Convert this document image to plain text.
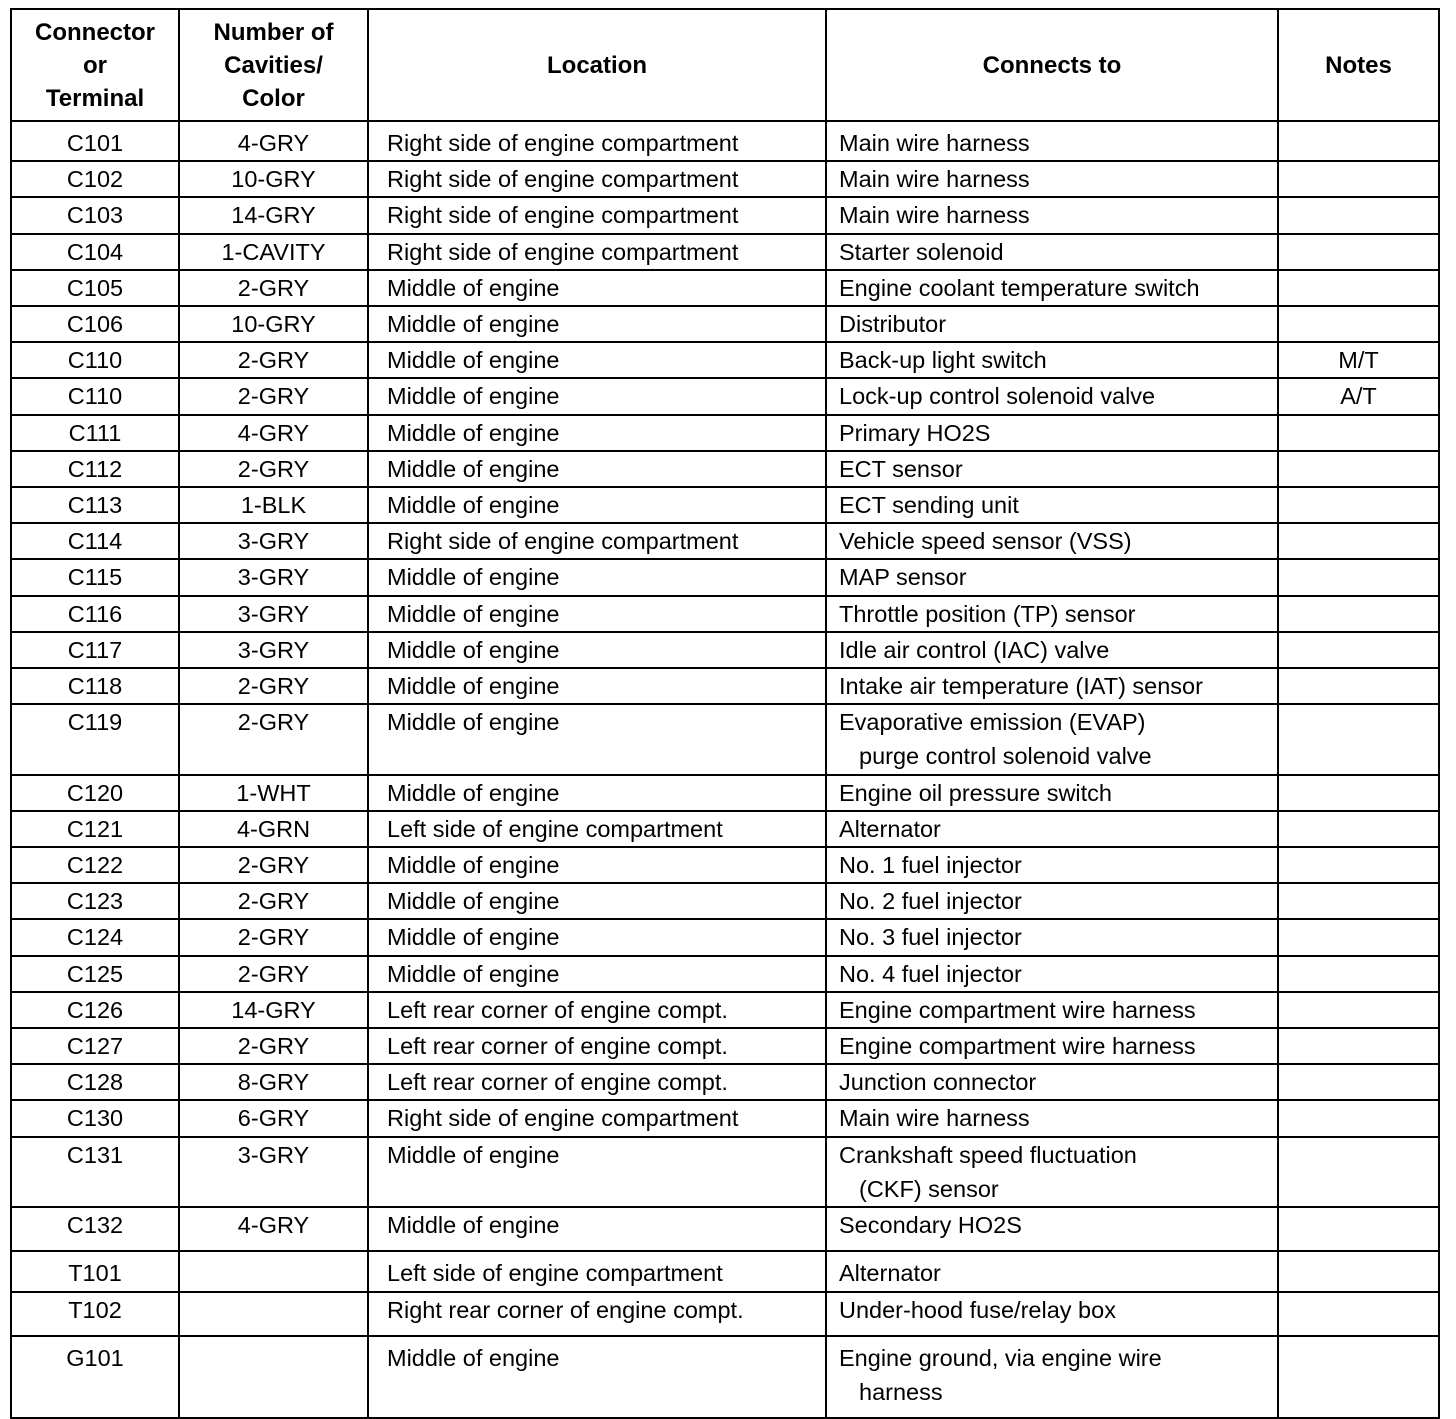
Connector
or
Terminal	Number of
Cavities/
Color	Location	Connects to	Notes
C101	4-GRY	Right side of engine compartment	Main wire harness	
C102	10-GRY	Right side of engine compartment	Main wire harness	
C103	14-GRY	Right side of engine compartment	Main wire harness	
C104	1-CAVITY	Right side of engine compartment	Starter solenoid	
C105	2-GRY	Middle of engine	Engine coolant temperature switch	
C106	10-GRY	Middle of engine	Distributor	
C110	2-GRY	Middle of engine	Back-up light switch	M/T
C110	2-GRY	Middle of engine	Lock-up control solenoid valve	A/T
C111	4-GRY	Middle of engine	Primary HO2S	
C112	2-GRY	Middle of engine	ECT sensor	
C113	1-BLK	Middle of engine	ECT sending unit	
C114	3-GRY	Right side of engine compartment	Vehicle speed sensor (VSS)	
C115	3-GRY	Middle of engine	MAP sensor	
C116	3-GRY	Middle of engine	Throttle position (TP) sensor	
C117	3-GRY	Middle of engine	Idle air control (IAC) valve	
C118	2-GRY	Middle of engine	Intake air temperature (IAT) sensor	
C119	2-GRY	Middle of engine	Evaporative emission (EVAP)
purge control solenoid valve	

C120	1-WHT	Middle of engine	Engine oil pressure switch	
C121	4-GRN	Left side of engine compartment	Alternator	
C122	2-GRY	Middle of engine	No. 1 fuel injector	
C123	2-GRY	Middle of engine	No. 2 fuel injector	
C124	2-GRY	Middle of engine	No. 3 fuel injector	
C125	2-GRY	Middle of engine	No. 4 fuel injector	
C126	14-GRY	Left rear corner of engine compt.	Engine compartment wire harness	
C127	2-GRY	Left rear corner of engine compt.	Engine compartment wire harness	
C128	8-GRY	Left rear corner of engine compt.	Junction connector	
C130	6-GRY	Right side of engine compartment	Main wire harness	
C131	3-GRY	Middle of engine	Crankshaft speed fluctuation
(CKF) sensor	

C132	4-GRY	Middle of engine	Secondary HO2S	
T101		Left side of engine compartment	Alternator	
T102		Right rear corner of engine compt.	Under-hood fuse/relay box	
G101		Middle of engine	Engine ground, via engine wire
harness	
